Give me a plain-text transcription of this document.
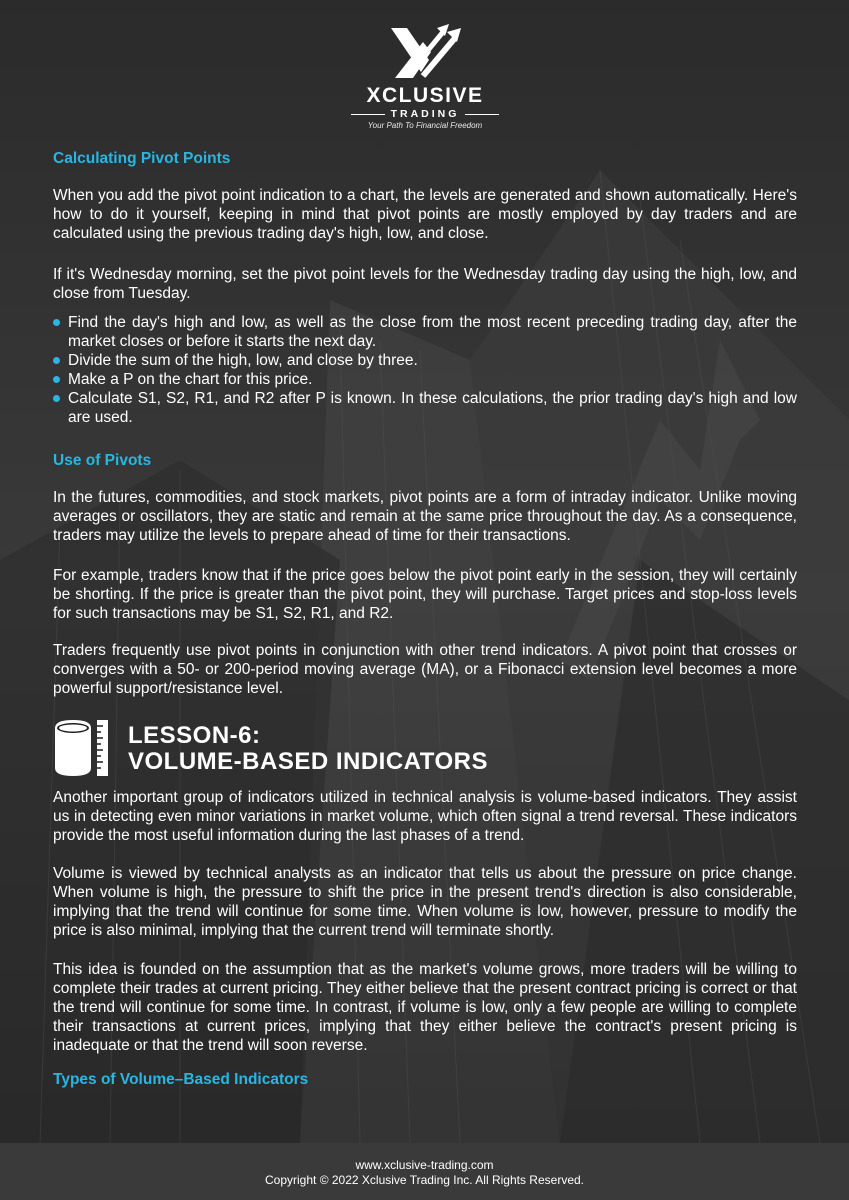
XCLUSIVE
TRADING
Your Path To Financial Freedom
Calculating Pivot Points

When you add the pivot point indication to a chart, the levels are generated and shown automatically. Here's how to do it yourself, keeping in mind that pivot points are mostly employed by day traders and are calculated using the previous trading day's high, low, and close.

If it's Wednesday morning, set the pivot point levels for the Wednesday trading day using the high, low, and close from Tuesday.

Find the day's high and low, as well as the close from the most recent preceding trading day, after the market closes or before it starts the next day.
Divide the sum of the high, low, and close by three.
Make a P on the chart for this price.
Calculate S1, S2, R1, and R2 after P is known. In these calculations, the prior trading day's high and low are used.
Use of Pivots

In the futures, commodities, and stock markets, pivot points are a form of intraday indicator. Unlike moving averages or oscillators, they are static and remain at the same price throughout the day. As a consequence, traders may utilize the levels to prepare ahead of time for their transactions.

For example, traders know that if the price goes below the pivot point early in the session, they will certainly be shorting. If the price is greater than the pivot point, they will purchase. Target prices and stop-loss levels for such transactions may be S1, S2, R1, and R2.

Traders frequently use pivot points in conjunction with other trend indicators. A pivot point that crosses or converges with a 50- or 200-period moving average (MA), or a Fibonacci extension level becomes a more powerful support/resistance level.

LESSON-6:
VOLUME-BASED INDICATORS

Another important group of indicators utilized in technical analysis is volume-based indicators. They assist us in detecting even minor variations in market volume, which often signal a trend reversal. These indicators provide the most useful information during the last phases of a trend.

Volume is viewed by technical analysts as an indicator that tells us about the pressure on price change. When volume is high, the pressure to shift the price in the present trend's direction is also considerable, implying that the trend will continue for some time. When volume is low, however, pressure to modify the price is also minimal, implying that the current trend will terminate shortly.

This idea is founded on the assumption that as the market's volume grows, more traders will be willing to complete their trades at current pricing. They either believe that the present contract pricing is correct or that the trend will continue for some time. In contrast, if volume is low, only a few people are willing to complete their transactions at current prices, implying that they either believe the contract's present pricing is inadequate or that the trend will soon reverse.

Types of Volume–Based Indicators
www.xclusive-trading.com
Copyright © 2022 Xclusive Trading Inc. All Rights Reserved.
